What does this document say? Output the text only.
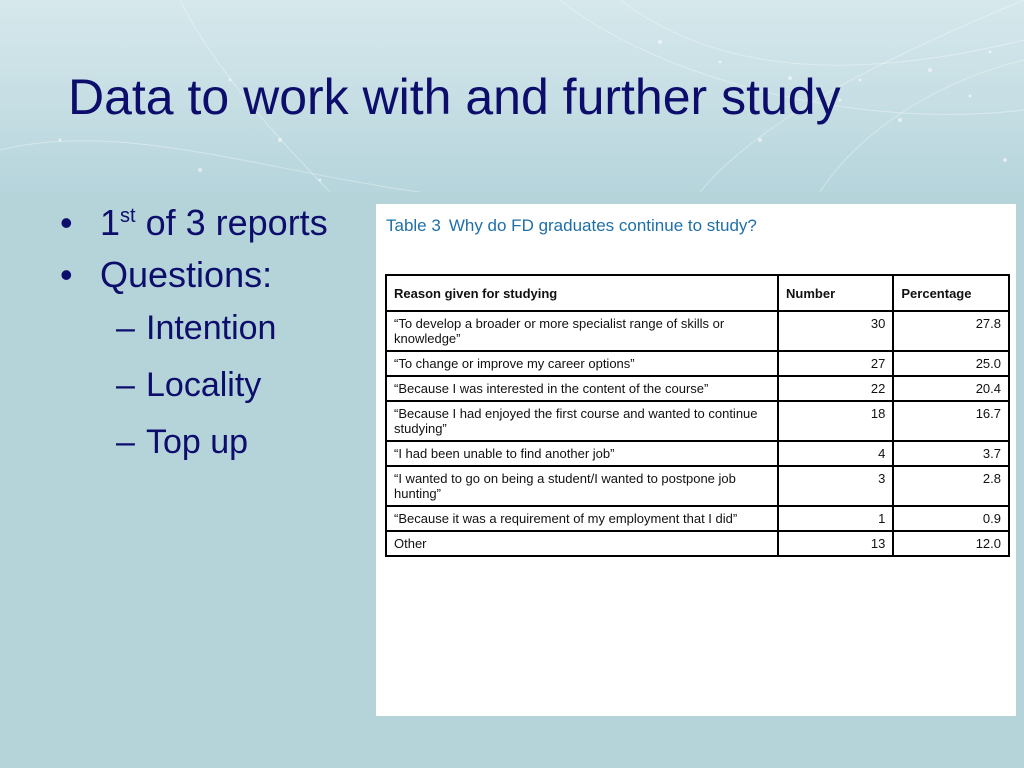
Data to work with and further study
• 1st of 3 reports
• Questions:
– Intention
– Locality
– Top up
Table 3 Why do FD graduates continue to study?
Reason given for studying	Number	Percentage
“To develop a broader or more specialist range of skills or knowledge”	30	27.8
“To change or improve my career options”	27	25.0
“Because I was interested in the content of the course”	22	20.4
“Because I had enjoyed the first course and wanted to continue studying”	18	16.7
“I had been unable to find another job”	4	3.7
“I wanted to go on being a student/I wanted to postpone job hunting”	3	2.8
“Because it was a requirement of my employment that I did”	1	0.9
Other	13	12.0
